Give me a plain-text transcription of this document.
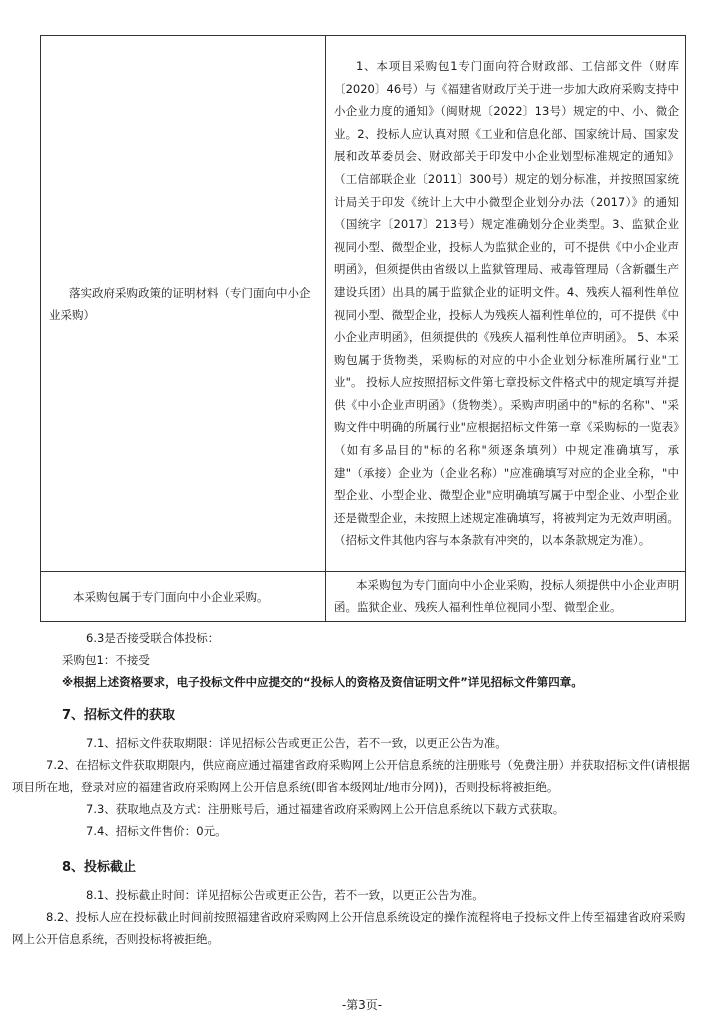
落实政府采购政策的证明材料（专门面向中小企业采购）	1、本项目采购包1专门面向符合财政部、工信部文件（财库〔2020〕46号）与《福建省财政厅关于进一步加大政府采购支持中小企业力度的通知》（闽财规〔2022〕13号）规定的中、小、微企业。2、投标人应认真对照《工业和信息化部、国家统计局、国家发展和改革委员会、财政部关于印发中小企业划型标准规定的通知》（工信部联企业〔2011〕300号）规定的划分标准，并按照国家统计局关于印发《统计上大中小微型企业划分办法（2017）》的通知（国统字〔2017〕213号）规定准确划分企业类型。3、监狱企业视同小型、微型企业，投标人为监狱企业的，可不提供《中小企业声明函》，但须提供由省级以上监狱管理局、戒毒管理局（含新疆生产建设兵团）出具的属于监狱企业的证明文件。4、残疾人福利性单位视同小型、微型企业，投标人为残疾人福利性单位的，可不提供《中小企业声明函》，但须提供的《残疾人福利性单位声明函》。 5、本采购包属于货物类，采购标的对应的中小企业划分标准所属行业"工业"。 投标人应按照招标文件第七章投标文件格式中的规定填写并提供《中小企业声明函》（货物类）。采购声明函中的"标的名称"、"采购文件中明确的所属行业"应根据招标文件第一章《采购标的一览表》（如有多品目的"标的名称"须逐条填列）中规定准确填写，承建"（承接）企业为（企业名称）"应准确填写对应的企业全称，"中型企业、小型企业、微型企业"应明确填写属于中型企业、小型企业还是微型企业，未按照上述规定准确填写，将被判定为无效声明函。（招标文件其他内容与本条款有冲突的，以本条款规定为准）。

本采购包属于专门面向中小企业采购。	本采购包为专门面向中小企业采购，投标人须提供中小企业声明函。监狱企业、残疾人福利性单位视同小型、微型企业。
6.3是否接受联合体投标：
采购包1：不接受
※根据上述资格要求，电子投标文件中应提交的“投标人的资格及资信证明文件”详见招标文件第四章。
7、招标文件的获取
7.1、招标文件获取期限：详见招标公告或更正公告，若不一致，以更正公告为准。
7.2、在招标文件获取期限内，供应商应通过福建省政府采购网上公开信息系统的注册账号（免费注册）并获取招标文件(请根据项目所在地，登录对应的福建省政府采购网上公开信息系统(即省本级网址/地市分网))，否则投标将被拒绝。
7.3、获取地点及方式：注册账号后，通过福建省政府采购网上公开信息系统以下载方式获取。
7.4、招标文件售价：0元。
8、投标截止
8.1、投标截止时间：详见招标公告或更正公告，若不一致，以更正公告为准。
8.2、投标人应在投标截止时间前按照福建省政府采购网上公开信息系统设定的操作流程将电子投标文件上传至福建省政府采购网上公开信息系统，否则投标将被拒绝。
-第3页-
